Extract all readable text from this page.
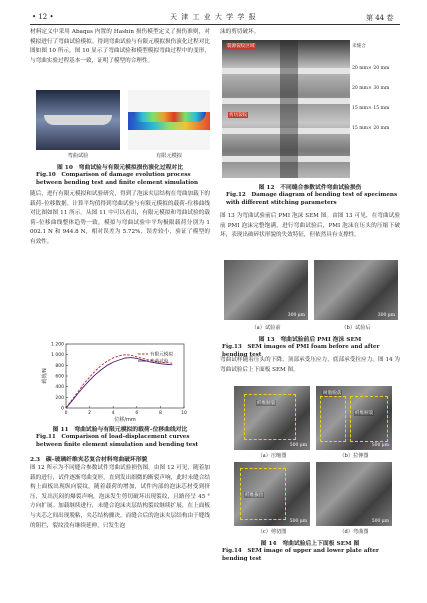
• 12 •	天 津 工 业 大 学 学 报	第 44 卷

材料定义中采用 Abaqus 内置的 Hashin 损伤模型定义了损伤准则，对模拟进行了弯曲试验模拟。得到弯曲试验与有限元模拟损伤演化过程对比图如图 10 所示。图 10 显示了弯曲试验和模型模拟弯曲过程中的变形，与弯曲实验过程基本一致，证明了模型的合理性。

弯曲试验	有限元模拟
图 10　弯曲试验与有限元模拟损伤演化过程对比
Fig.10　Comparison of damage evolution process between bending test and finite element simulation

随后，进行有限元模拟和试验研究，得到了泡沫夹层结构在弯曲加载下的载荷–位移数据。计算平均值得到弯曲试验与有限元模拟的载荷–位移曲线对比图如图 11 所示。从图 11 中可以看出，有限元模拟和弯曲试验的载荷–位移曲线整体趋势一致。模拟与弯曲试验中平均极限载荷分别为 1 002.1 N 和 944.8 N，相对误差为 5.72%，误差较小，验证了模型的有效性。

0	2	4	6	8	10
0
200
400
600
800
1 000
1 200
位移/mm
载荷/N
有限元模拟
弯曲试验
图 11　弯曲试验与有限元模拟的载荷–位移曲线对比
Fig.11　Comparison of load–displacement curves between finite element simulation and bending test
2.3　碳–玻璃纤维夹芯复合材料弯曲破坏形貌

图 12 所示为不同缝合参数试件弯曲试验损伤图。由图 12 可见，随着加载的进行，试件逐渐弯曲变形，直到发出细微的断裂声响，此时未缝合结构上面板出现纵向裂纹，随着载荷的增加，试件内部的泡沫芯材受到挤压，发出沉闷的爆裂声响，泡沫发生剪切破坏出现裂纹，且路径呈 45 °方向扩展。加载继续进行，未缝合泡沫夹层结构裂纹继续扩展，在上面板与夹芯之间出现脱粘，夹芯结构骤决。而缝合后的泡沫夹层结构由于缝线的阻拦，裂纹没有继续延伸，只发生泡

沫的剪切破坏。

裂源裂纹区域
剪切裂纹
未缝合
20 mm× 20 mm
20 mm× 30 mm
15 mm× 15 mm
15 mm× 20 mm
图 12　不同缝合参数试件弯曲试验损伤
Fig.12　Damage diagram of bending test of specimens with different stitching parameters

图 13 为弯曲试验前后 PMI 泡沫 SEM 图。由图 13 可见，在弯曲试验前 PMI 泡沫完整饱满，进行弯曲试验后，PMI 泡沫在压头的压缩下破坏，表现出破碎状形貌的失效特征，但依然具有支撑性。

300 μm	300 μm
（a）试验前	（b）试验后
图 13　弯曲试验前后 PMI 泡沫 SEM
Fig.13　SEM images of PMI foam before and after bending test

弯曲试样随着压头的下降，顶部承受压应力，底部承受拉应力。图 14 为弯曲试验后上下面板 SEM 图。

纤维断裂
500 μm
树脂脱落
纤维断裂
500 μm
（a）压缩图	（b）拉伸图
纤维拔出
500 μm	500 μm
（c）剪切图	（d）弯曲图
图 14　弯曲试验后上下面板 SEM 图
Fig.14　SEM image of upper and lower plate after bending test
